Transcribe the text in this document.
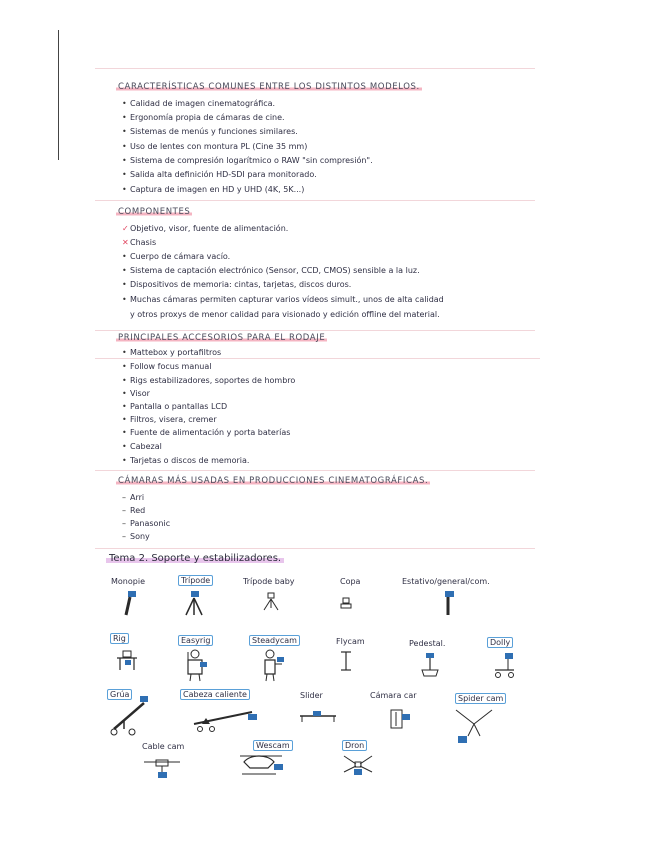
CARACTERÍSTICAS COMUNES ENTRE LOS DISTINTOS MODELOS.
• Calidad de imagen cinematográfica.
• Ergonomía propia de cámaras de cine.
• Sistemas de menús y funciones similares.
• Uso de lentes con montura PL (Cine 35 mm)
• Sistema de compresión logarítmico o RAW "sin compresión".
• Salida alta definición HD-SDI para monitorado.
• Captura de imagen en HD y UHD (4K, 5K...)
COMPONENTES
✓Objetivo, visor, fuente de alimentación.
✕Chasis
• Cuerpo de cámara vacío.
• Sistema de captación electrónico (Sensor, CCD, CMOS) sensible a la luz.
• Dispositivos de memoria: cintas, tarjetas, discos duros.
• Muchas cámaras permiten capturar varios vídeos simult., unos de alta calidad
y otros proxys de menor calidad para visionado y edición offline del material.
PRINCIPALES ACCESORIOS PARA EL RODAJE
• Mattebox y portafiltros
• Follow focus manual
• Rigs estabilizadores, soportes de hombro
• Visor
• Pantalla o pantallas LCD
• Filtros, visera, cremer
• Fuente de alimentación y porta baterías
• Cabezal
• Tarjetas o discos de memoria.
CÁMARAS MÁS USADAS EN PRODUCCIONES CINEMATOGRÁFICAS.
– Arri
– Red
– Panasonic
– Sony
Tema 2. Soporte y estabilizadores.
Monopie	Trípode	Trípode baby	Copa	Estativo/general/com.
Rig	Easyrig	Steadycam	Flycam	Pedestal.	Dolly
Grúa	Cabeza caliente	Slider	Cámara car	Spider cam
Cable cam	Wescam	Dron
